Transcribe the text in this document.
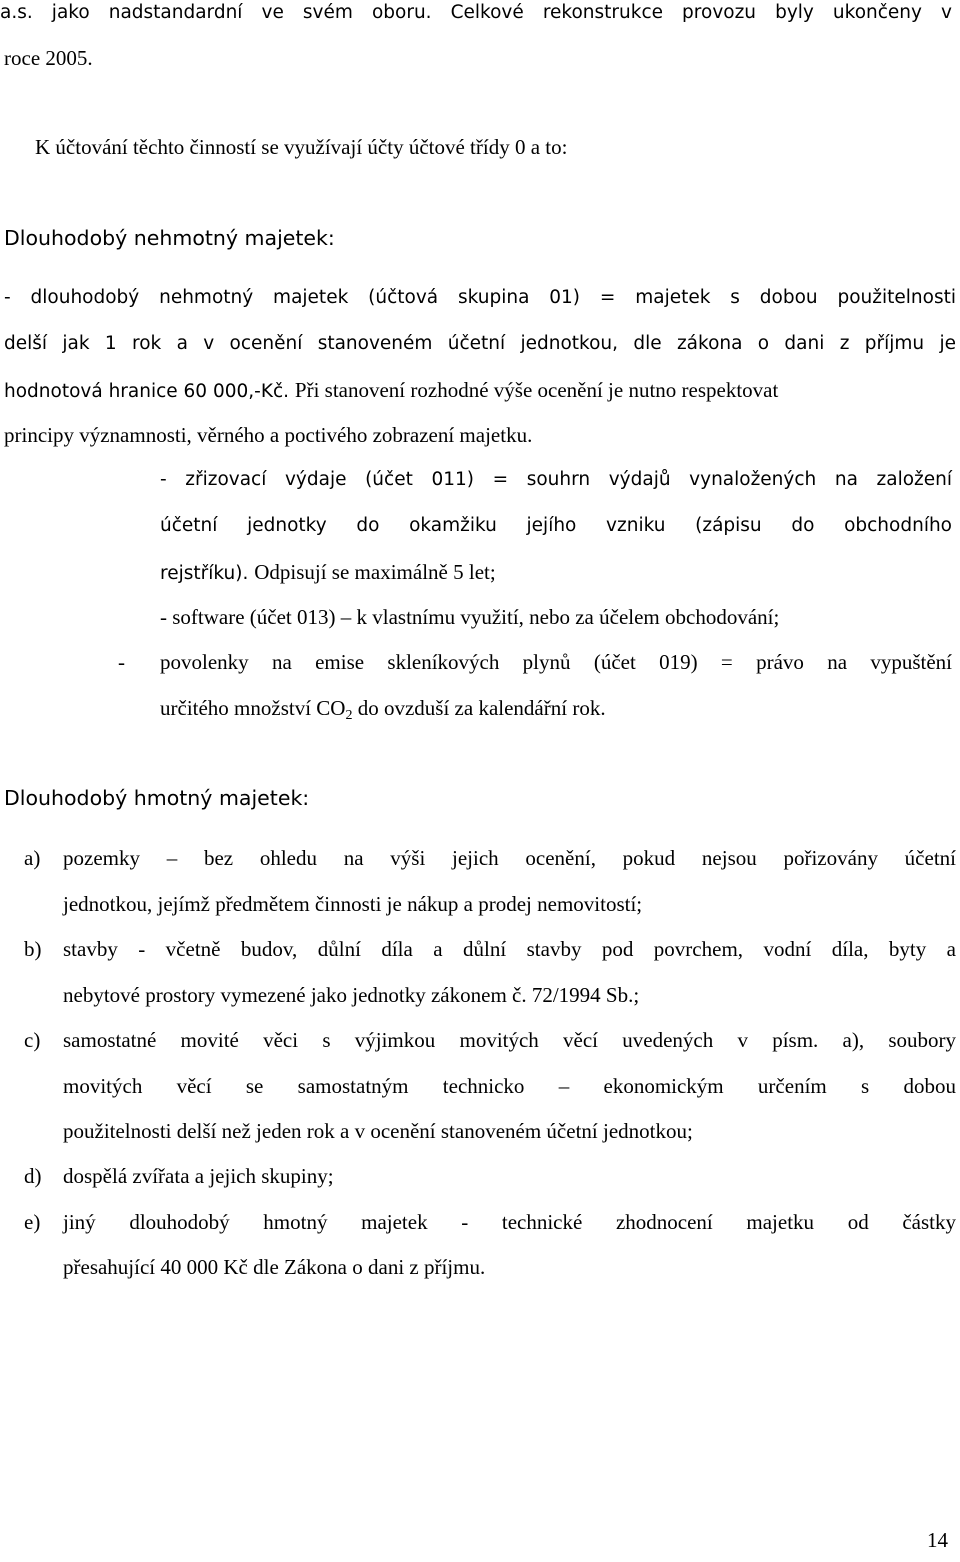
a.s. jako nadstandardní ve svém oboru. Celkové rekonstrukce provozu byly ukončeny v
roce 2005.
K účtování těchto činností se využívají účty účtové třídy 0 a to:
Dlouhodobý nehmotný majetek:
- dlouhodobý nehmotný majetek (účtová skupina 01) = majetek s dobou použitelnosti
delší jak 1 rok a v ocenění stanoveném účetní jednotkou, dle zákona o dani z příjmu je
hodnotová hranice 60 000,-Kč. Při stanovení rozhodné výše ocenění je nutno respektovat
principy významnosti, věrného a poctivého zobrazení majetku.
- zřizovací výdaje (účet 011) = souhrn výdajů vynaložených na založení
účetní jednotky do okamžiku jejího vzniku (zápisu do obchodního
rejstříku). Odpisují se maximálně 5 let;
- software (účet 013) – k vlastnímu využití, nebo za účelem obchodování;
- povolenky na emise skleníkových plynů (účet 019) = právo na vypuštění
určitého množství $CO_2$ do ovzduší za kalendářní rok.
Dlouhodobý hmotný majetek:
a) pozemky – bez ohledu na výši jejich ocenění, pokud nejsou pořizovány účetní
jednotkou, jejímž předmětem činnosti je nákup a prodej nemovitostí;
b) stavby - včetně budov, důlní díla a důlní stavby pod povrchem, vodní díla, byty a
nebytové prostory vymezené jako jednotky zákonem č. 72/1994 Sb.;
c) samostatné movité věci s výjimkou movitých věcí uvedených v písm. a), soubory
movitých věcí se samostatným technicko – ekonomickým určením s dobou
použitelnosti delší než jeden rok a v ocenění stanoveném účetní jednotkou;
d) dospělá zvířata a jejich skupiny;
e) jiný dlouhodobý hmotný majetek - technické zhodnocení majetku od částky
přesahující 40 000 Kč dle Zákona o dani z příjmu.
14
